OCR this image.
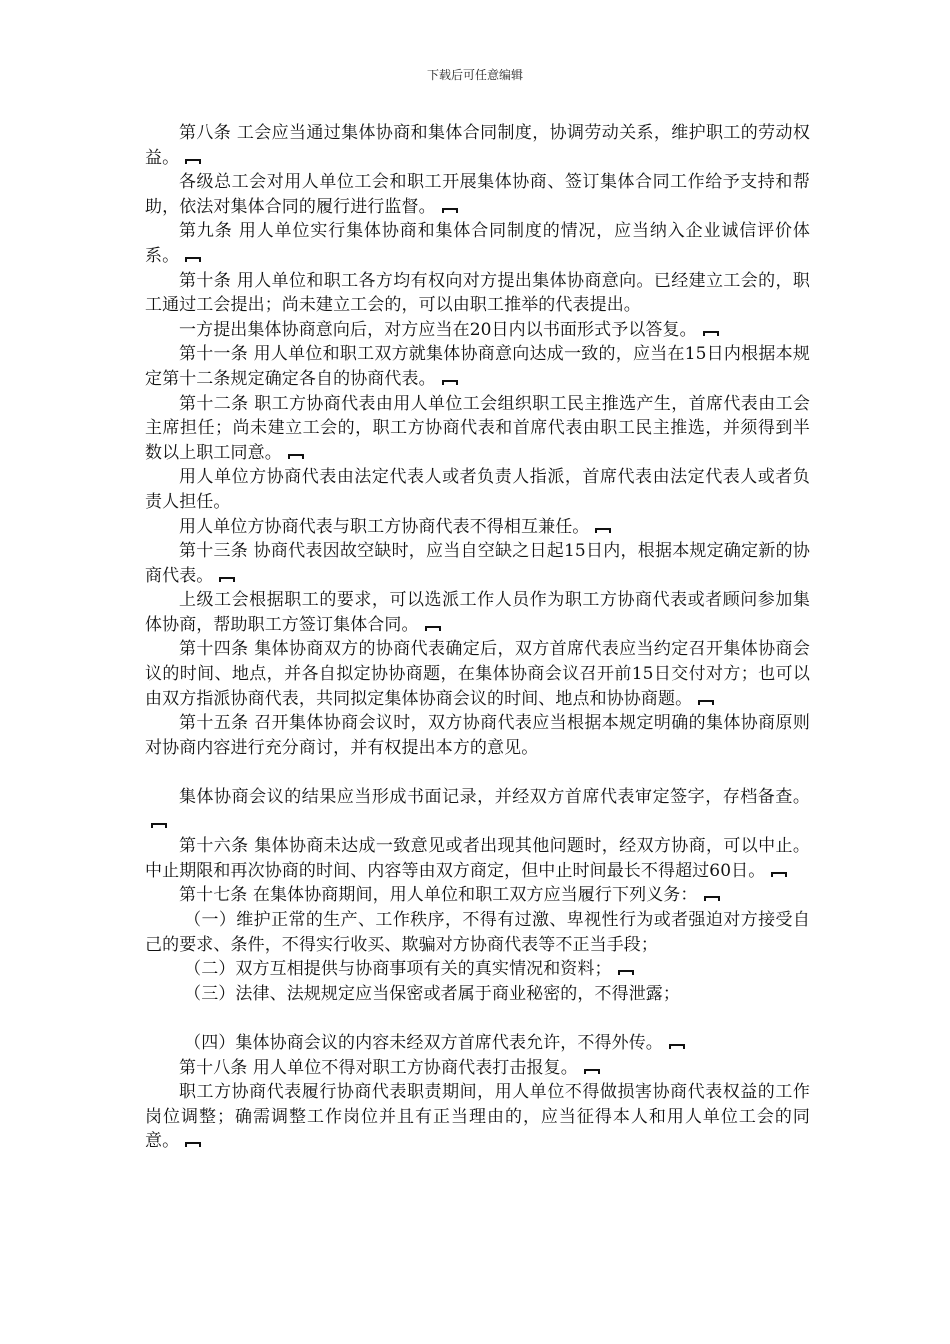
下载后可任意编辑

第八条 工会应当通过集体协商和集体合同制度，协调劳动关系，维护职工的劳动权益。

各级总工会对用人单位工会和职工开展集体协商、签订集体合同工作给予支持和帮助，依法对集体合同的履行进行监督。

第九条 用人单位实行集体协商和集体合同制度的情况，应当纳入企业诚信评价体系。

第十条 用人单位和职工各方均有权向对方提出集体协商意向。已经建立工会的，职工通过工会提出；尚未建立工会的，可以由职工推举的代表提出。

一方提出集体协商意向后，对方应当在20日内以书面形式予以答复。

第十一条 用人单位和职工双方就集体协商意向达成一致的，应当在15日内根据本规定第十二条规定确定各自的协商代表。

第十二条 职工方协商代表由用人单位工会组织职工民主推选产生，首席代表由工会主席担任；尚未建立工会的，职工方协商代表和首席代表由职工民主推选，并须得到半数以上职工同意。

用人单位方协商代表由法定代表人或者负责人指派，首席代表由法定代表人或者负责人担任。

用人单位方协商代表与职工方协商代表不得相互兼任。

第十三条 协商代表因故空缺时，应当自空缺之日起15日内，根据本规定确定新的协商代表。

上级工会根据职工的要求，可以选派工作人员作为职工方协商代表或者顾问参加集体协商，帮助职工方签订集体合同。

第十四条 集体协商双方的协商代表确定后，双方首席代表应当约定召开集体协商会议的时间、地点，并各自拟定协协商题，在集体协商会议召开前15日交付对方；也可以由双方指派协商代表，共同拟定集体协商会议的时间、地点和协协商题。

第十五条 召开集体协商会议时，双方协商代表应当根据本规定明确的集体协商原则对协商内容进行充分商讨，并有权提出本方的意见。

集体协商会议的结果应当形成书面记录，并经双方首席代表审定签字，存档备查。

第十六条 集体协商未达成一致意见或者出现其他问题时，经双方协商，可以中止。中止期限和再次协商的时间、内容等由双方商定，但中止时间最长不得超过60日。

第十七条 在集体协商期间，用人单位和职工双方应当履行下列义务：

（一）维护正常的生产、工作秩序，不得有过激、卑视性行为或者强迫对方接受自己的要求、条件，不得实行收买、欺骗对方协商代表等不正当手段；

（二）双方互相提供与协商事项有关的真实情况和资料；

（三）法律、法规规定应当保密或者属于商业秘密的，不得泄露；

（四）集体协商会议的内容未经双方首席代表允许，不得外传。

第十八条 用人单位不得对职工方协商代表打击报复。

职工方协商代表履行协商代表职责期间，用人单位不得做损害协商代表权益的工作岗位调整；确需调整工作岗位并且有正当理由的，应当征得本人和用人单位工会的同意。
